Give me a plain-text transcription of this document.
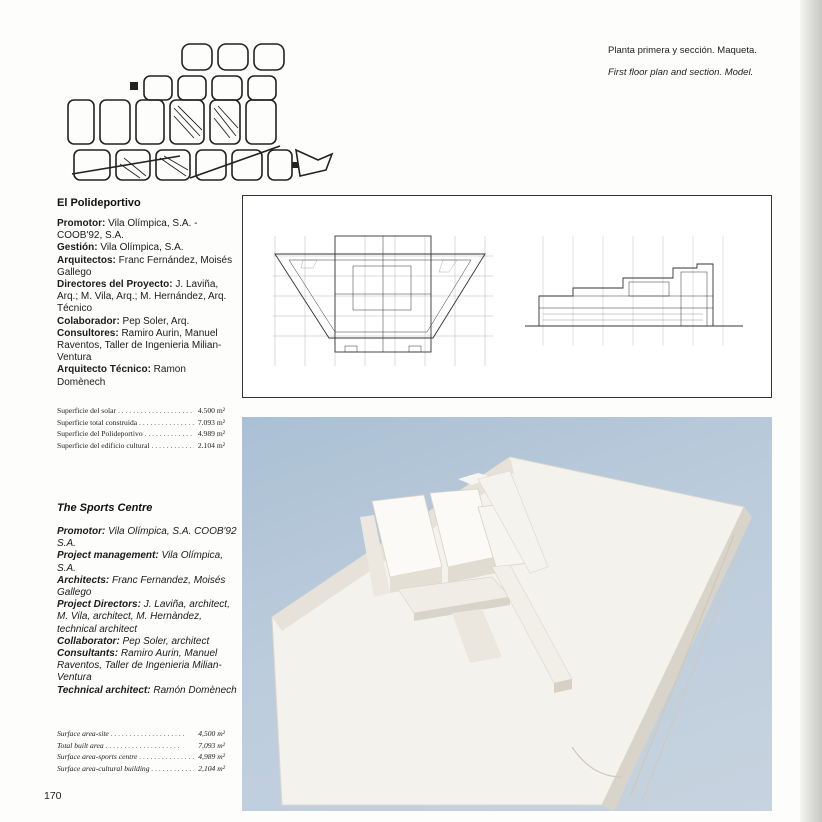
Planta primera y sección. Maqueta.
First floor plan and section. Model.
El Polideportivo
Promotor: Vila Olímpica, S.A. -COOB'92, S.A.
Gestión: Vila Olímpica, S.A.
Arquitectos: Franc Fernández, Moisés Gallego
Directores del Proyecto: J. Laviña, Arq.; M. Vila, Arq.; M. Hernández, Arq. Técnico
Colaborador: Pep Soler, Arq.
Consultores: Ramiro Aurin, Manuel Raventos, Taller de Ingenieria Milian-Ventura
Arquitecto Técnico: Ramon Domènech
Superficie del solar . . .	4.500 m²
Superficie total construida . . .	7.093 m²
Superficie del Polideportivo . . .	4.989 m²
Superficie del edificio cultural . . .	2.104 m²
The Sports Centre
Promotor: Vila Olímpica, S.A. COOB'92 S.A.
Project management: Vila Olímpica, S.A.
Architects: Franc Fernandez, Moisés Gallego
Project Directors: J. Laviña, architect, M. Vila, architect, M. Hernàndez, technical architect
Collaborator: Pep Soler, architect
Consultants: Ramiro Aurin, Manuel Raventos, Taller de Ingenieria Milian-Ventura
Technical architect: Ramón Domènech
Surface area-site . . .	4,500 m²
Total built area . . .	7,093 m²
Surface area-sports centre . . .	4,989 m²
Surface area-cultural building . . .	2,104 m²
170
